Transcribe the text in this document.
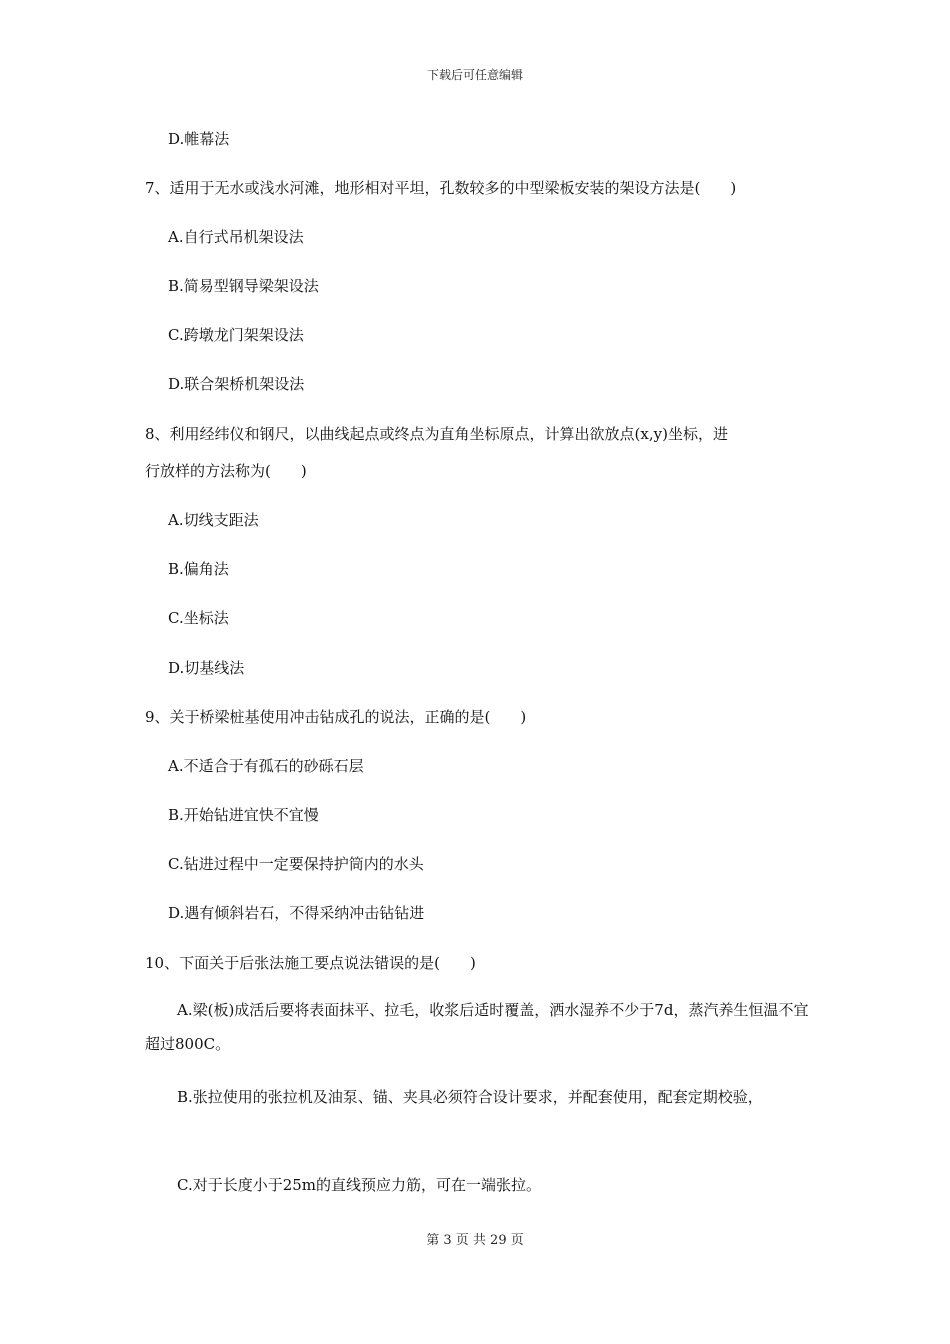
下载后可任意编辑
D.帷幕法
7、适用于无水或浅水河滩，地形相对平坦，孔数较多的中型梁板安装的架设方法是(　　)
A.自行式吊机架设法
B.简易型钢导梁架设法
C.跨墩龙门架架设法
D.联合架桥机架设法
8、利用经纬仪和钢尺，以曲线起点或终点为直角坐标原点，计算出欲放点(x,y)坐标，进
行放样的方法称为(　　)
A.切线支距法
B.偏角法
C.坐标法
D.切基线法
9、关于桥梁桩基使用冲击钻成孔的说法，正确的是(　　)
A.不适合于有孤石的砂砾石层
B.开始钻进宜快不宜慢
C.钻进过程中一定要保持护筒内的水头
D.遇有倾斜岩石，不得采纳冲击钻钻进
10、下面关于后张法施工要点说法错误的是(　　)
A.梁(板)成活后要将表面抹平、拉毛，收浆后适时覆盖，洒水湿养不少于7d，蒸汽养生恒温不宜超过800C。
B.张拉使用的张拉机及油泵、锚、夹具必须符合设计要求，并配套使用，配套定期校验，
C.对于长度小于25m的直线预应力筋，可在一端张拉。
第 3 页 共 29 页
